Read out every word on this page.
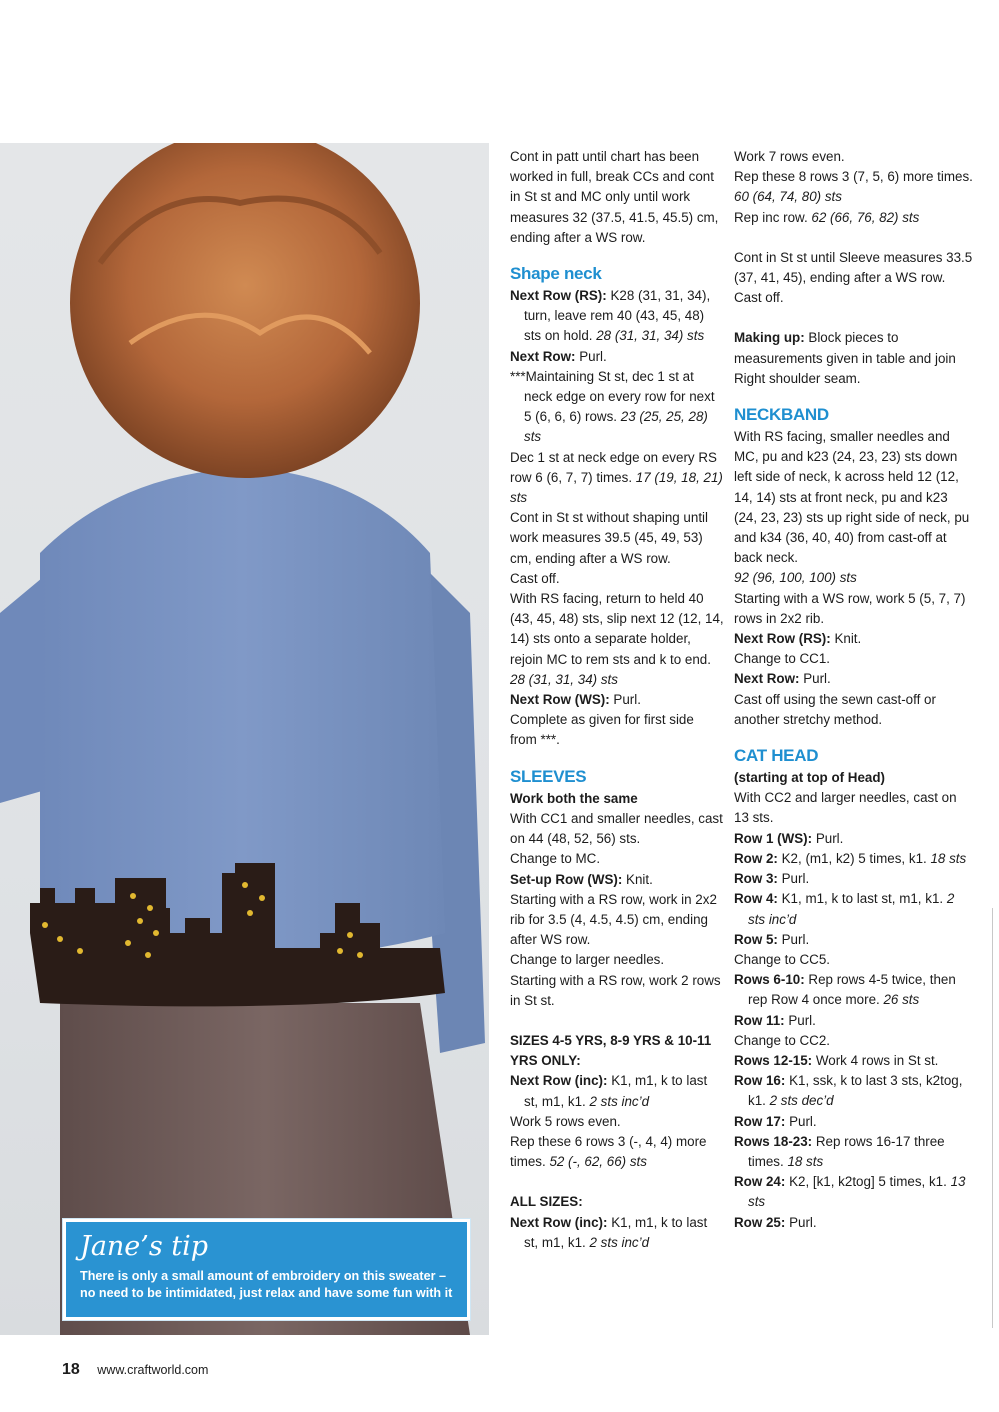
Jane’s tip

There is only a small amount of embroidery on this sweater – no need to be intimidated, just relax and have some fun with it

Cont in patt until chart has been worked in full, break CCs and cont in St st and MC only until work measures 32 (37.5, 41.5, 45.5) cm, ending after a WS row.

Shape neck

Next Row (RS): K28 (31, 31, 34), turn, leave rem 40 (43, 45, 48) sts on hold. 28 (31, 31, 34) sts

Next Row: Purl.

***Maintaining St st, dec 1 st at neck edge on every row for next 5 (6, 6, 6) rows. 23 (25, 25, 28) sts

Dec 1 st at neck edge on every RS row 6 (6, 7, 7) times. 17 (19, 18, 21) sts

Cont in St st without shaping until work measures 39.5 (45, 49, 53) cm, ending after a WS row.

Cast off.

With RS facing, return to held 40 (43, 45, 48) sts, slip next 12 (12, 14, 14) sts onto a separate holder, rejoin MC to rem sts and k to end. 28 (31, 31, 34) sts

Next Row (WS): Purl.

Complete as given for first side from ***.

SLEEVES

Work both the same

With CC1 and smaller needles, cast on 44 (48, 52, 56) sts.

Change to MC.

Set-up Row (WS): Knit.

Starting with a RS row, work in 2x2 rib for 3.5 (4, 4.5, 4.5) cm, ending after WS row.

Change to larger needles.

Starting with a RS row, work 2 rows in St st.

SIZES 4-5 YRS, 8-9 YRS & 10-11 YRS ONLY:

Next Row (inc): K1, m1, k to last st, m1, k1. 2 sts inc’d

Work 5 rows even.

Rep these 6 rows 3 (-, 4, 4) more times. 52 (-, 62, 66) sts

ALL SIZES:

Next Row (inc): K1, m1, k to last st, m1, k1. 2 sts inc’d

Work 7 rows even.

Rep these 8 rows 3 (7, 5, 6) more times. 60 (64, 74, 80) sts

Rep inc row. 62 (66, 76, 82) sts

Cont in St st until Sleeve measures 33.5 (37, 41, 45), ending after a WS row.

Cast off.

Making up: Block pieces to measurements given in table and join Right shoulder seam.

NECKBAND

With RS facing, smaller needles and MC, pu and k23 (24, 23, 23) sts down left side of neck, k across held 12 (12, 14, 14) sts at front neck, pu and k23 (24, 23, 23) sts up right side of neck, pu and k34 (36, 40, 40) from cast-off at back neck.

92 (96, 100, 100) sts

Starting with a WS row, work 5 (5, 7, 7) rows in 2x2 rib.

Next Row (RS): Knit.

Change to CC1.

Next Row: Purl.

Cast off using the sewn cast-off or another stretchy method.

CAT HEAD

(starting at top of Head)

With CC2 and larger needles, cast on 13 sts.

Row 1 (WS): Purl.

Row 2: K2, (m1, k2) 5 times, k1. 18 sts

Row 3: Purl.

Row 4: K1, m1, k to last st, m1, k1. 2 sts inc’d

Row 5: Purl.

Change to CC5.

Rows 6-10: Rep rows 4-5 twice, then rep Row 4 once more. 26 sts

Row 11: Purl.

Change to CC2.

Rows 12-15: Work 4 rows in St st.

Row 16: K1, ssk, k to last 3 sts, k2tog, k1. 2 sts dec’d

Row 17: Purl.

Rows 18-23: Rep rows 16-17 three times. 18 sts

Row 24: K2, [k1, k2tog] 5 times, k1. 13 sts

Row 25: Purl.

18 www.craftworld.com
